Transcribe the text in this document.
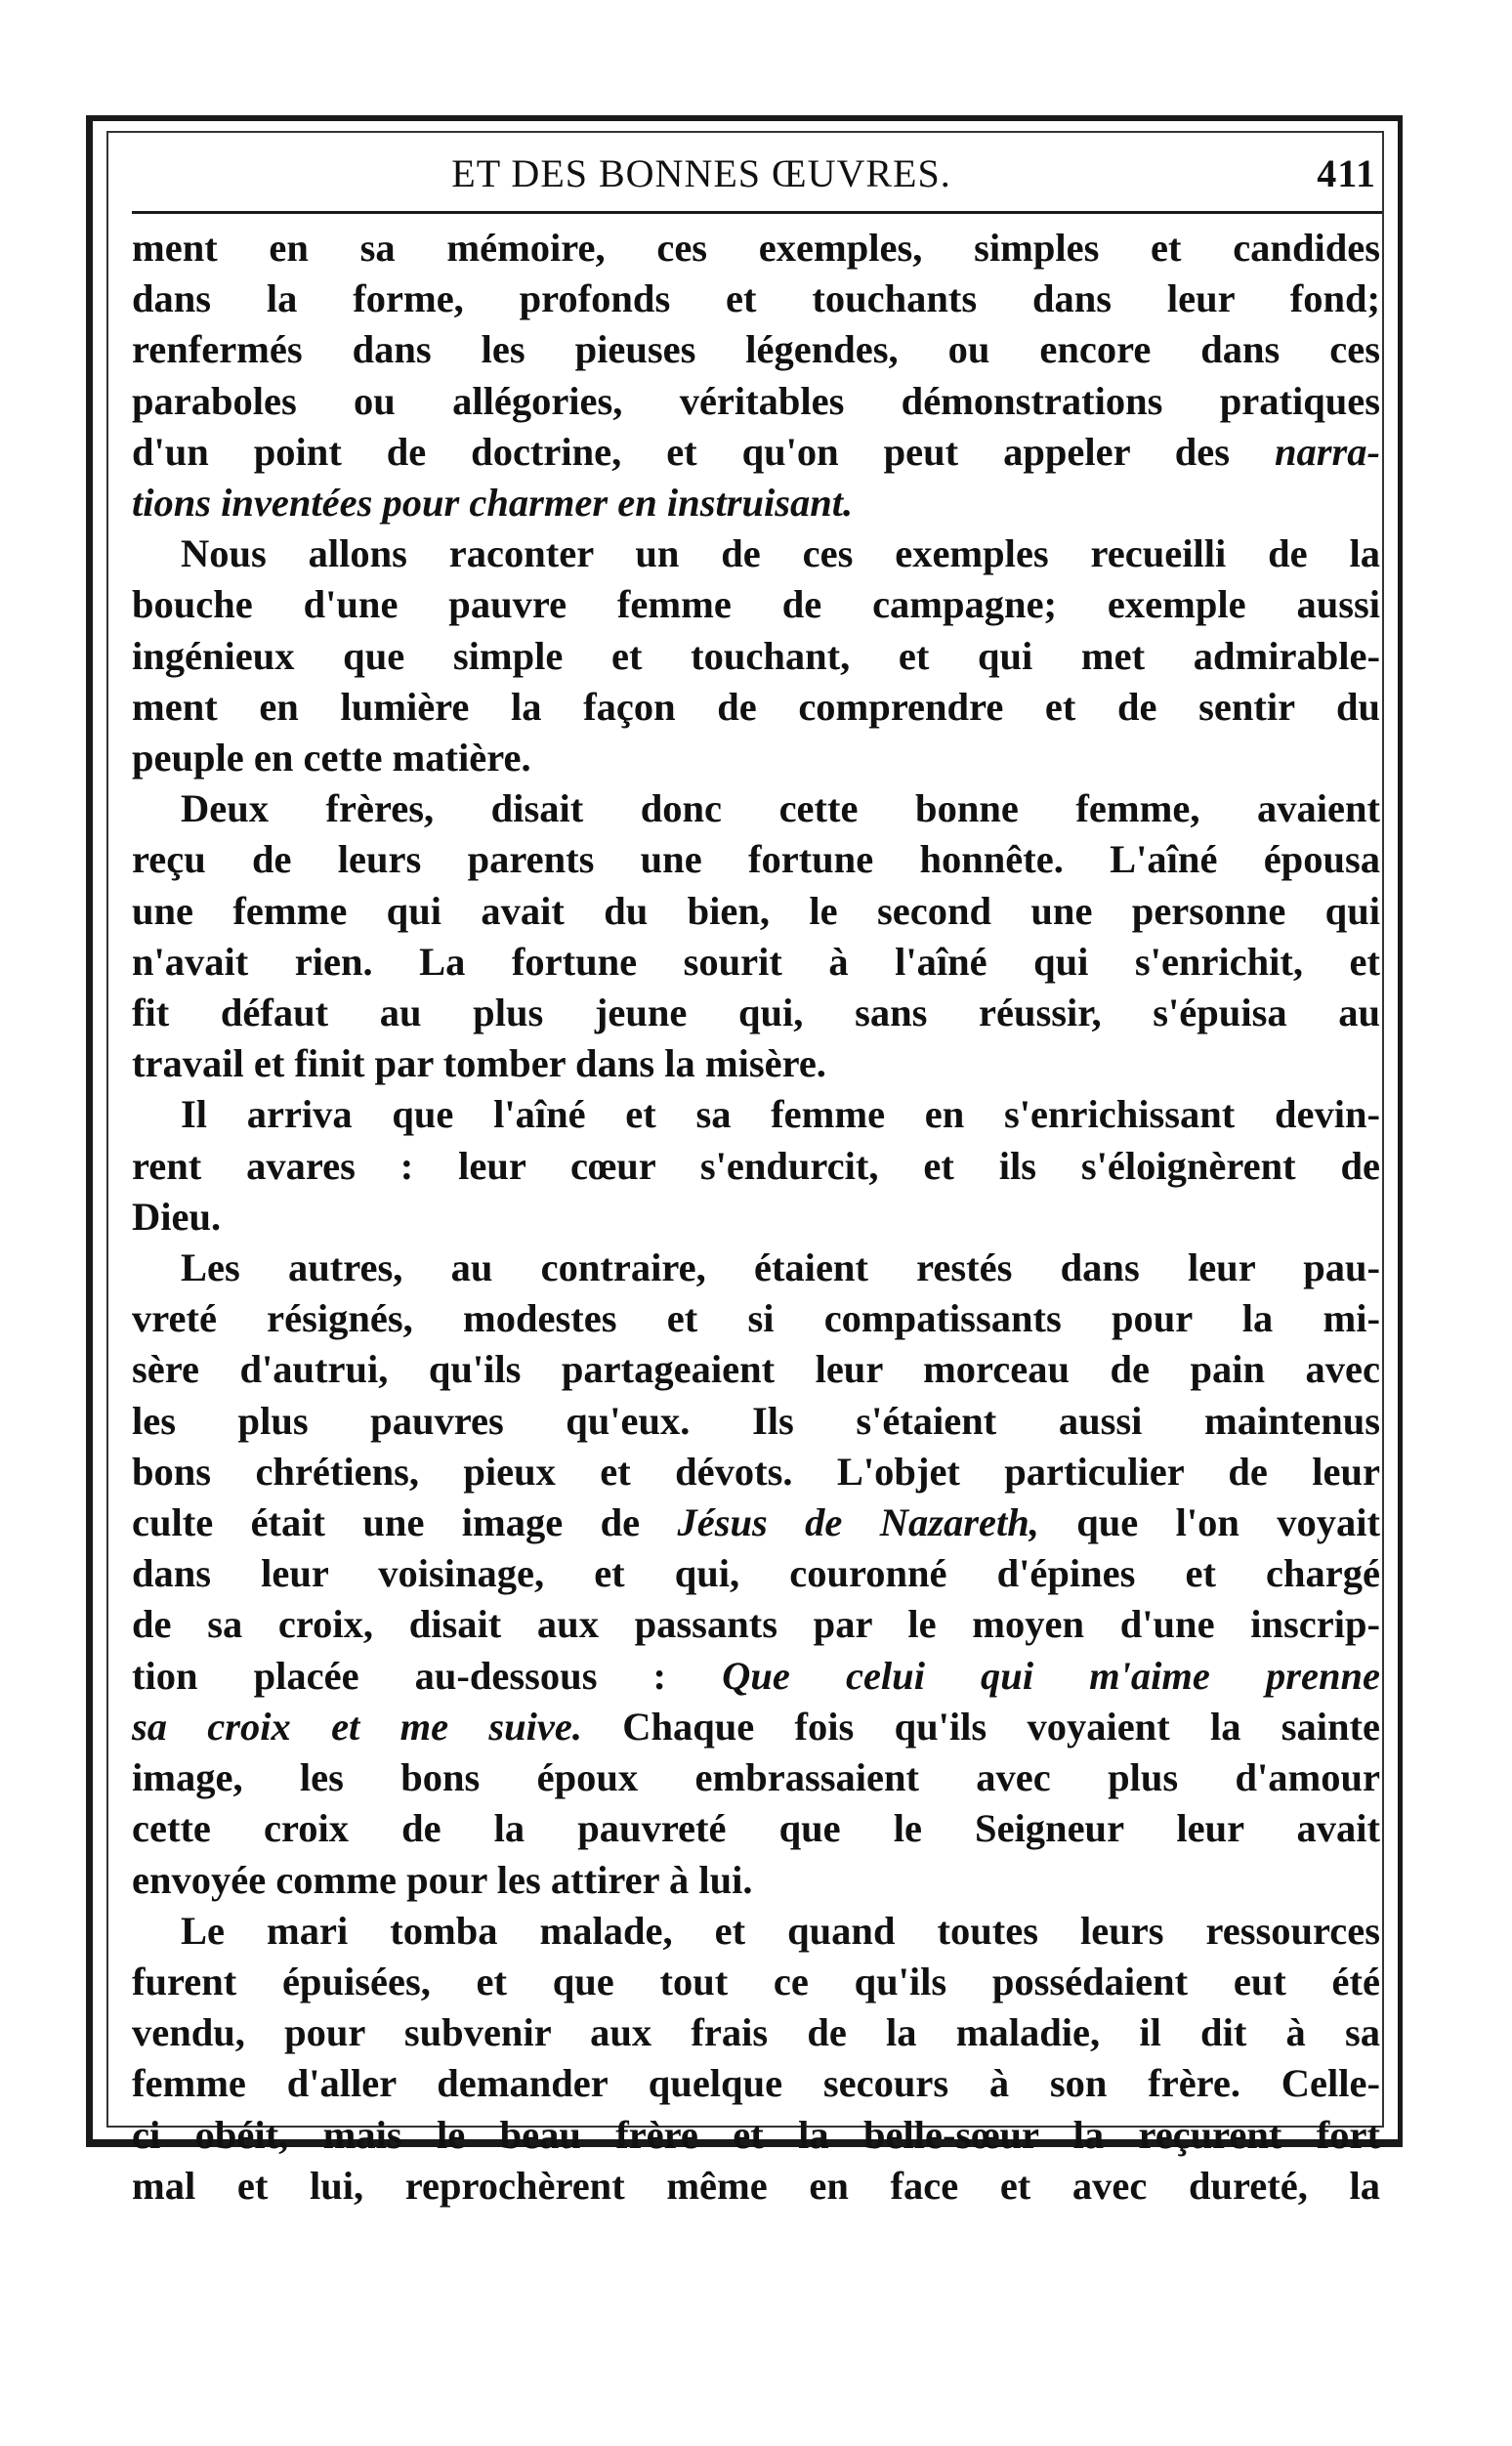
ET DES BONNES ŒUVRES.	411
ment en sa mémoire, ces exemples, simples et candides
dans la forme, profonds et touchants dans leur fond;
renfermés dans les pieuses légendes, ou encore dans ces
paraboles ou allégories, véritables démonstrations pratiques
d'un point de doctrine, et qu'on peut appeler des narra-
tions inventées pour charmer en instruisant.
Nous allons raconter un de ces exemples recueilli de la
bouche d'une pauvre femme de campagne; exemple aussi
ingénieux que simple et touchant, et qui met admirable-
ment en lumière la façon de comprendre et de sentir du
peuple en cette matière.
Deux frères, disait donc cette bonne femme, avaient
reçu de leurs parents une fortune honnête. L'aîné épousa
une femme qui avait du bien, le second une personne qui
n'avait rien. La fortune sourit à l'aîné qui s'enrichit, et
fit défaut au plus jeune qui, sans réussir, s'épuisa au
travail et finit par tomber dans la misère.
Il arriva que l'aîné et sa femme en s'enrichissant devin-
rent avares : leur cœur s'endurcit, et ils s'éloignèrent de
Dieu.
Les autres, au contraire, étaient restés dans leur pau-
vreté résignés, modestes et si compatissants pour la mi-
sère d'autrui, qu'ils partageaient leur morceau de pain avec
les plus pauvres qu'eux. Ils s'étaient aussi maintenus
bons chrétiens, pieux et dévots. L'objet particulier de leur
culte était une image de Jésus de Nazareth, que l'on voyait
dans leur voisinage, et qui, couronné d'épines et chargé
de sa croix, disait aux passants par le moyen d'une inscrip-
tion placée au-dessous : Que celui qui m'aime prenne
sa croix et me suive. Chaque fois qu'ils voyaient la sainte
image, les bons époux embrassaient avec plus d'amour
cette croix de la pauvreté que le Seigneur leur avait
envoyée comme pour les attirer à lui.
Le mari tomba malade, et quand toutes leurs ressources
furent épuisées, et que tout ce qu'ils possédaient eut été
vendu, pour subvenir aux frais de la maladie, il dit à sa
femme d'aller demander quelque secours à son frère. Celle-
ci obéit, mais le beau frère et la belle-sœur la reçurent fort
mal et lui, reprochèrent même en face et avec dureté, la
